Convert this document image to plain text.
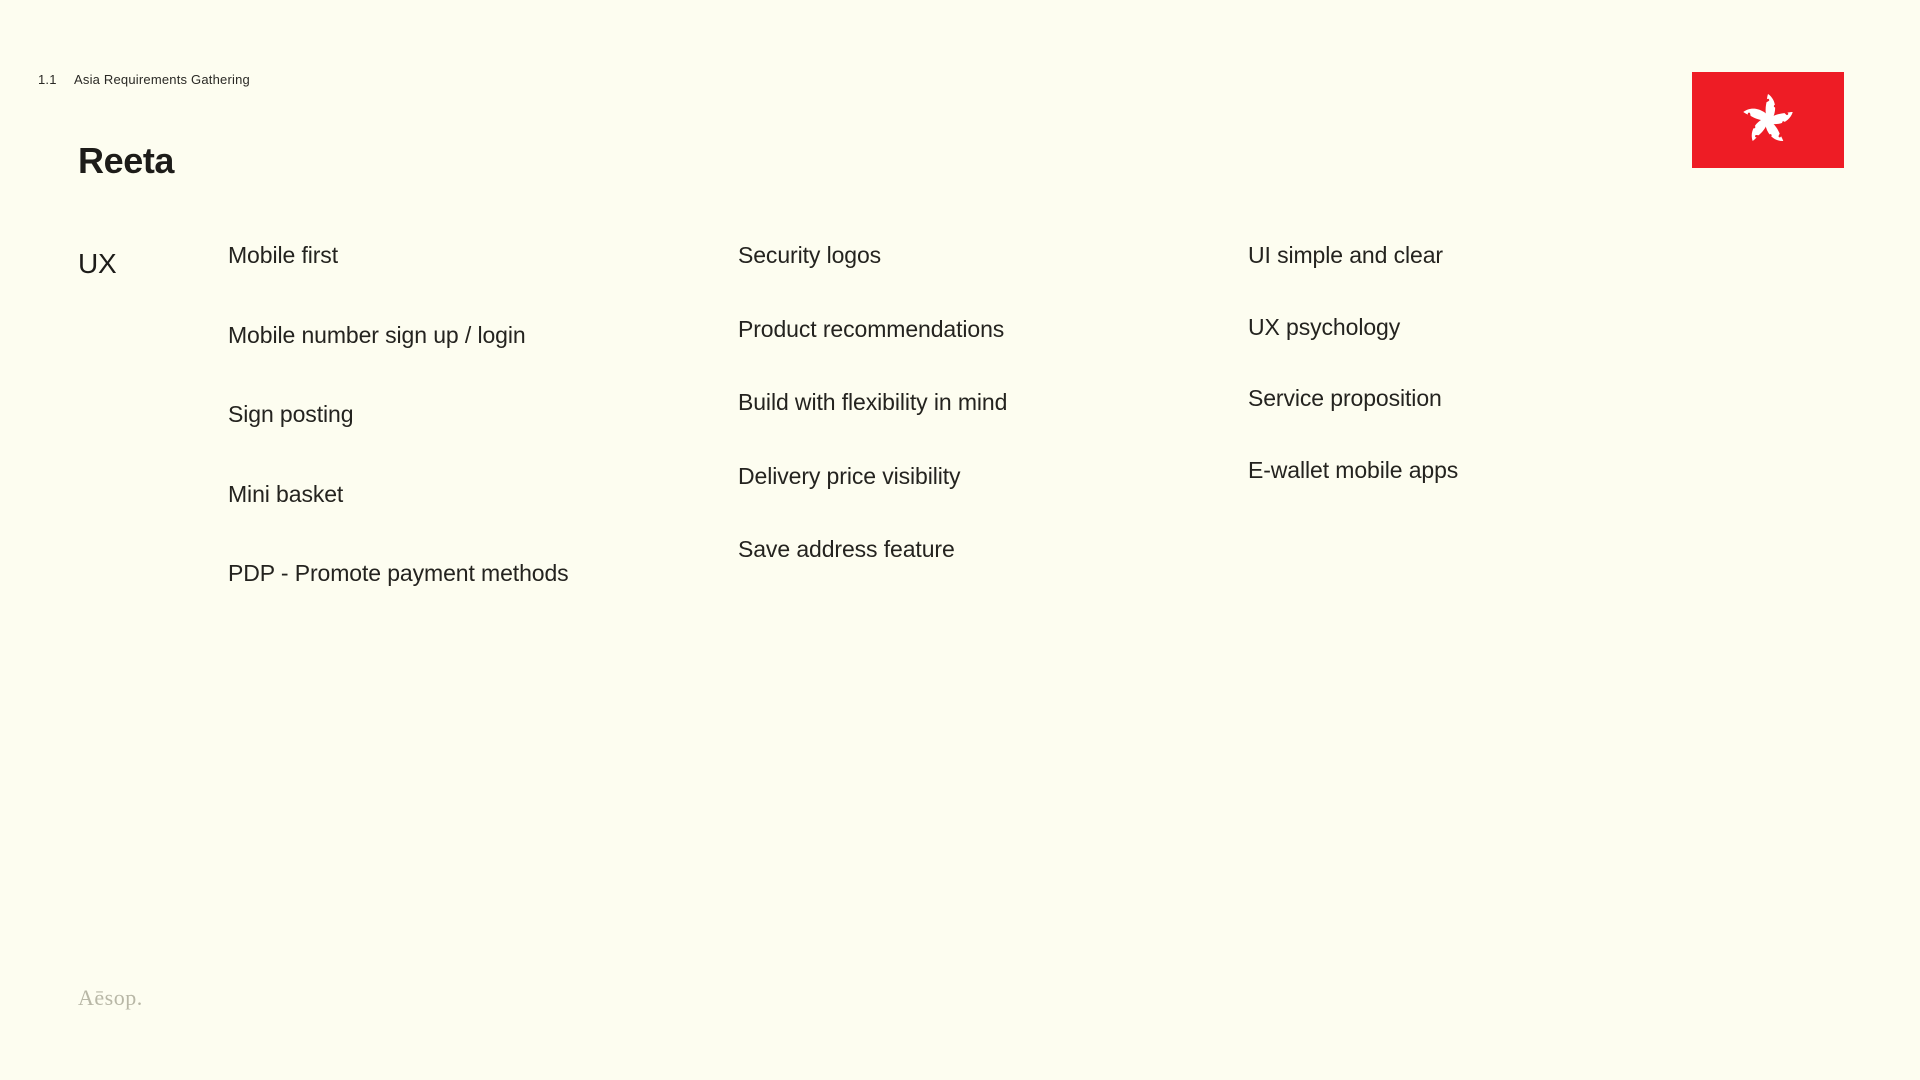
1.1	Asia Requirements Gathering
Reeta
UX	Mobile first
Mobile number sign up / login
Sign posting
Mini basket
PDP - Promote payment methods
Security logos
Product recommendations
Build with flexibility in mind
Delivery price visibility
Save address feature
UI simple and clear
UX psychology
Service proposition
E-wallet mobile apps
Aēsop.
